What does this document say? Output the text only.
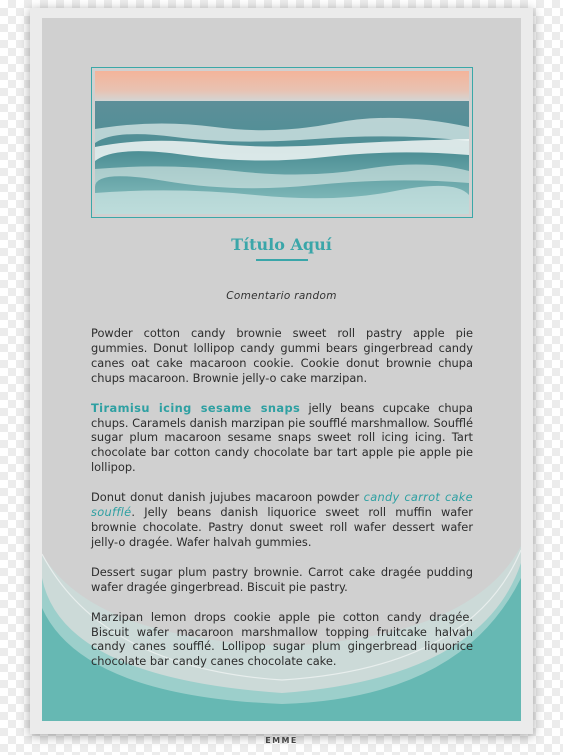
Título Aquí
Comentario random

Powder cotton candy brownie sweet roll pastry apple pie gummies. Donut lollipop candy gummi bears gingerbread candy canes oat cake macaroon cookie. Cookie donut brownie chupa chups macaroon. Brownie jelly-o cake marzipan.

Tiramisu icing sesame snaps jelly beans cupcake chupa chups. Caramels danish marzipan pie soufflé marshmallow. Soufflé sugar plum macaroon sesame snaps sweet roll icing icing. Tart chocolate bar cotton candy chocolate bar tart apple pie apple pie lollipop.

Donut donut danish jujubes macaroon powder candy carrot cake soufflé. Jelly beans danish liquorice sweet roll muffin wafer brownie chocolate. Pastry donut sweet roll wafer dessert wafer jelly-o dragée. Wafer halvah gummies.

Dessert sugar plum pastry brownie. Carrot cake dragée pudding wafer dragée gingerbread. Biscuit pie pastry.

Marzipan lemon drops cookie apple pie cotton candy dragée. Biscuit wafer macaroon marshmallow topping fruitcake halvah candy canes soufflé. Lollipop sugar plum gingerbread liquorice chocolate bar candy canes chocolate cake.

EMME
